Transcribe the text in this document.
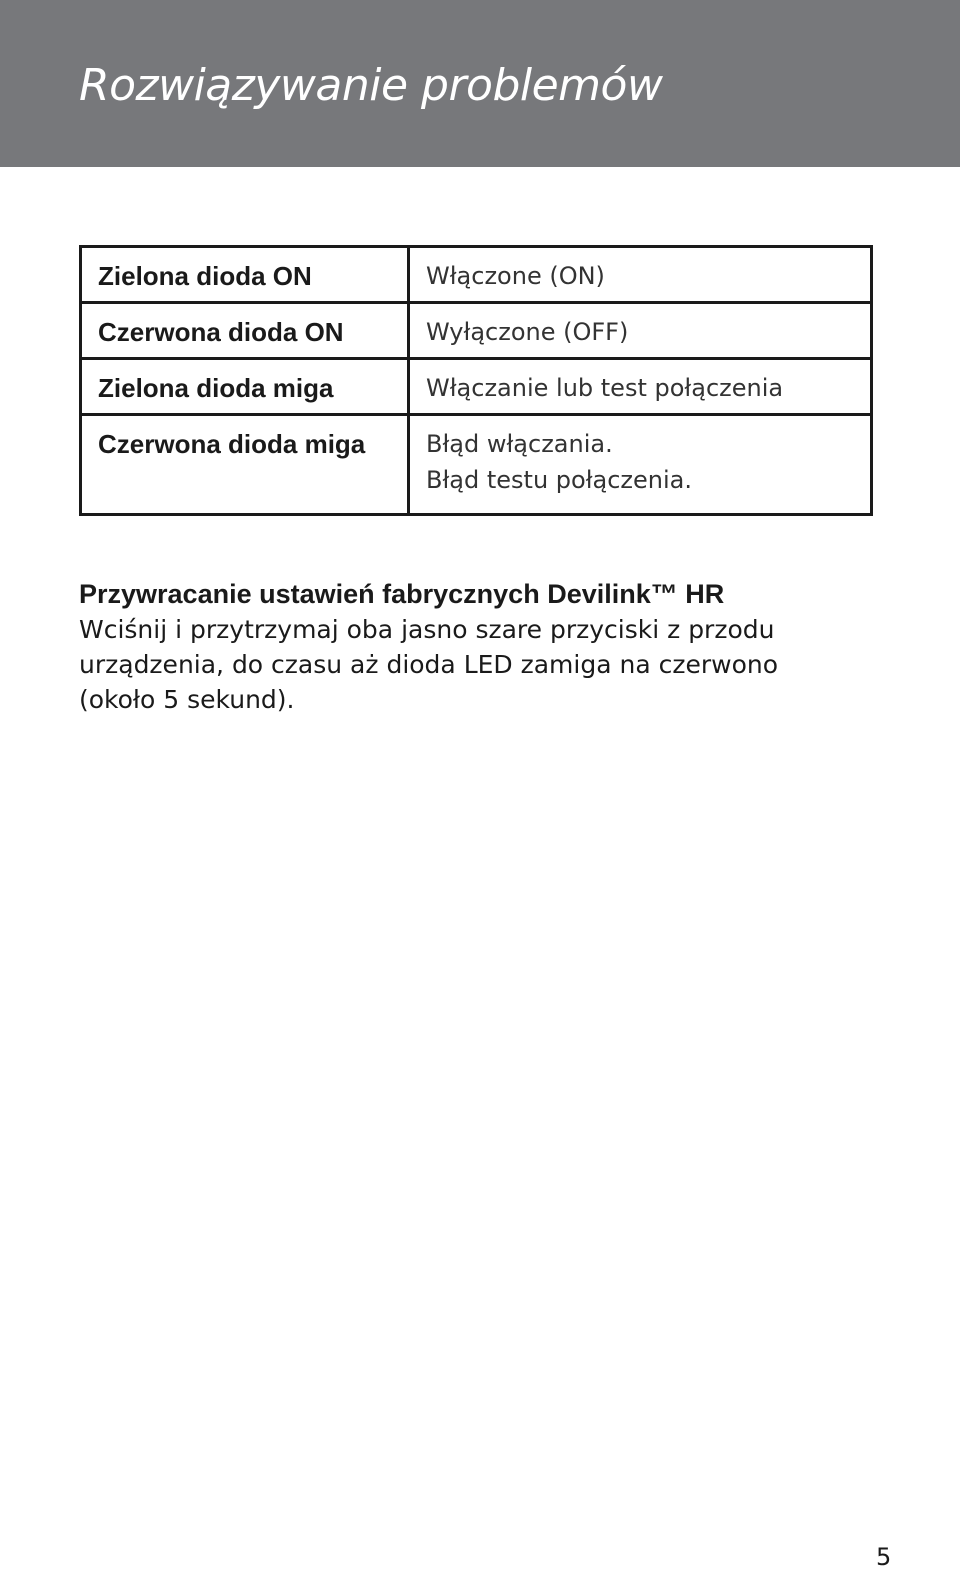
Rozwiązywanie problemów
Zielona dioda ON	Włączone (ON)

Czerwona dioda ON	Wyłączone (OFF)

Zielona dioda miga	Włączanie lub test połączenia

Czerwona dioda miga	Błąd włączania.
Błąd testu połączenia.
Przywracanie ustawień fabrycznych Devilink™ HR

Wciśnij i przytrzymaj oba jasno szare przyciski z przodu
urządzenia, do czasu aż dioda LED zamiga na czerwono
(około 5 sekund).

5
